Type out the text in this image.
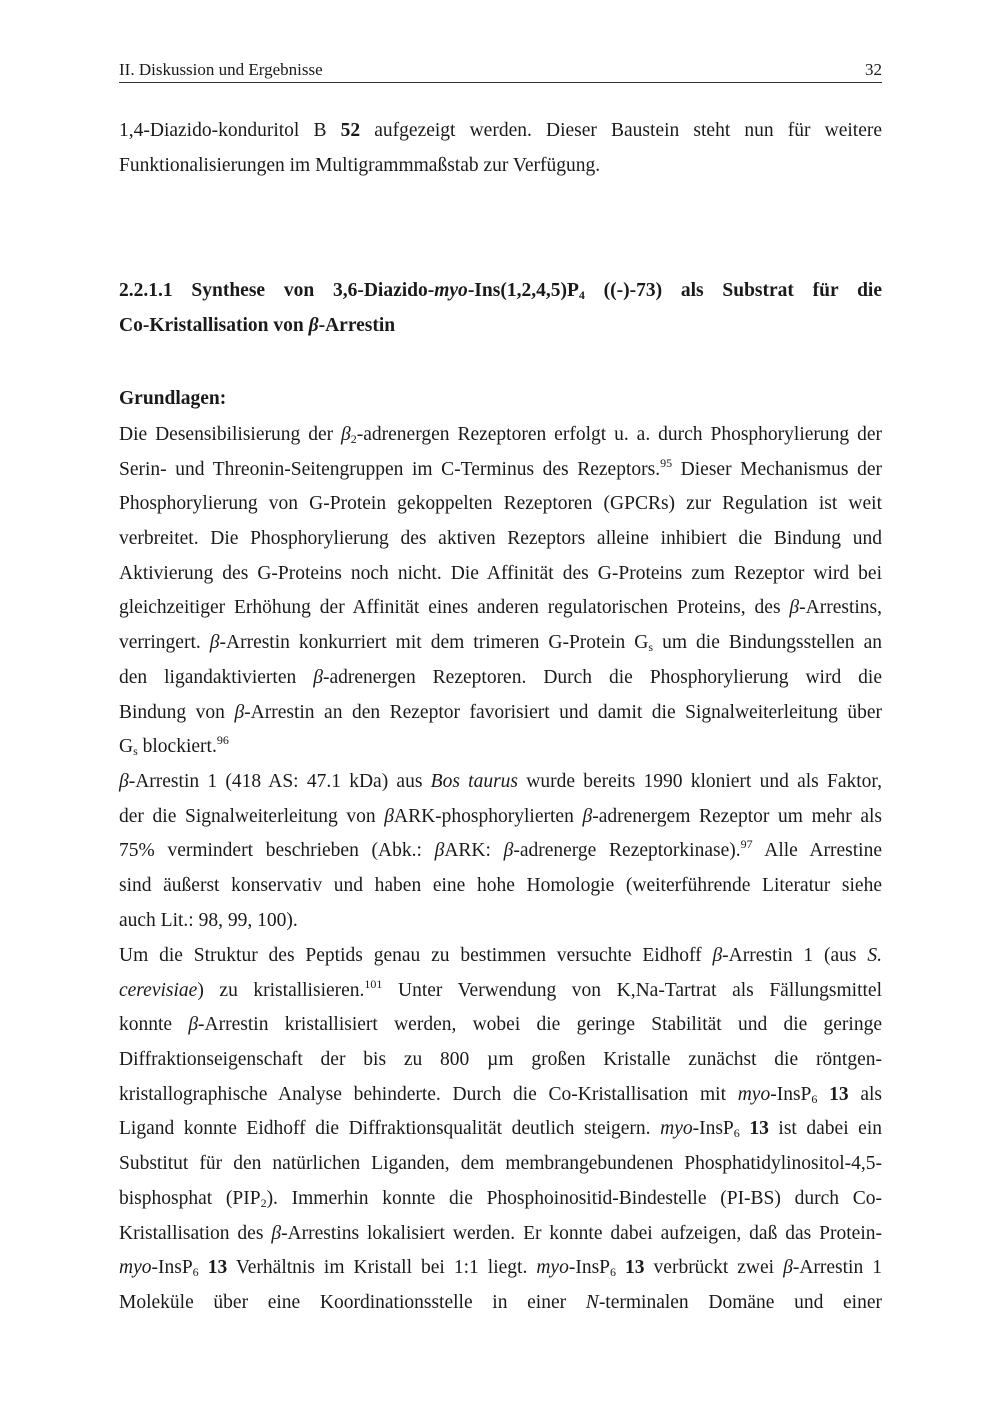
II. Diskussion und Ergebnisse	32
1,4-Diazido-konduritol B 52 aufgezeigt werden. Dieser Baustein steht nun für weitere
Funktionalisierungen im Multigrammmaßstab zur Verfügung.
2.2.1.1 Synthese von $3,6-Diazido-myo-Ins(1,2,4,5)P_4$ ((-)-73) als Substrat für die
Co-Kristallisation von β-Arrestin
Grundlagen:
Die Desensibilisierung der $\beta_2$-adrenergen Rezeptoren erfolgt u. a. durch Phosphorylierung der
Serin- und Threonin-Seitengruppen im C-Terminus des Rezeptors.$^{95}$ Dieser Mechanismus der
Phosphorylierung von G-Protein gekoppelten Rezeptoren (GPCRs) zur Regulation ist weit
verbreitet. Die Phosphorylierung des aktiven Rezeptors alleine inhibiert die Bindung und
Aktivierung des G-Proteins noch nicht. Die Affinität des G-Proteins zum Rezeptor wird bei
gleichzeitiger Erhöhung der Affinität eines anderen regulatorischen Proteins, des β-Arrestins,
verringert. β-Arrestin konkurriert mit dem trimeren G-Protein $G_s$ um die Bindungsstellen an
den ligandaktivierten β-adrenergen Rezeptoren. Durch die Phosphorylierung wird die
Bindung von β-Arrestin an den Rezeptor favorisiert und damit die Signalweiterleitung über
$G_s$ blockiert.$^{96}$
β-Arrestin 1 (418 AS: 47.1 kDa) aus Bos taurus wurde bereits 1990 kloniert und als Faktor,
der die Signalweiterleitung von βARK-phosphorylierten β-adrenergem Rezeptor um mehr als
75% vermindert beschrieben (Abk.: βARK: β-adrenerge Rezeptorkinase).$^{97}$ Alle Arrestine
sind äußerst konservativ und haben eine hohe Homologie (weiterführende Literatur siehe
auch Lit.: 98, 99, 100).
Um die Struktur des Peptids genau zu bestimmen versuchte Eidhoff β-Arrestin 1 (aus S.
cerevisiae) zu kristallisieren.$^{101}$ Unter Verwendung von K,Na-Tartrat als Fällungsmittel
konnte β-Arrestin kristallisiert werden, wobei die geringe Stabilität und die geringe
Diffraktionseigenschaft der bis zu 800 µm großen Kristalle zunächst die röntgen-
kristallographische Analyse behinderte. Durch die Co-Kristallisation mit myo-InsP$_6$ 13 als
Ligand konnte Eidhoff die Diffraktionsqualität deutlich steigern. myo-InsP$_6$ 13 ist dabei ein
Substitut für den natürlichen Liganden, dem membrangebundenen Phosphatidylinositol-4,5-
bisphosphat $(PIP_2)$. Immerhin konnte die Phosphoinositid-Bindestelle (PI-BS) durch Co-
Kristallisation des β-Arrestins lokalisiert werden. Er konnte dabei aufzeigen, daß das Protein-
myo-InsP$_6$ 13 Verhältnis im Kristall bei 1:1 liegt. myo-InsP$_6$ 13 verbrückt zwei β-Arrestin 1
Moleküle über eine Koordinationsstelle in einer N-terminalen Domäne und einer
